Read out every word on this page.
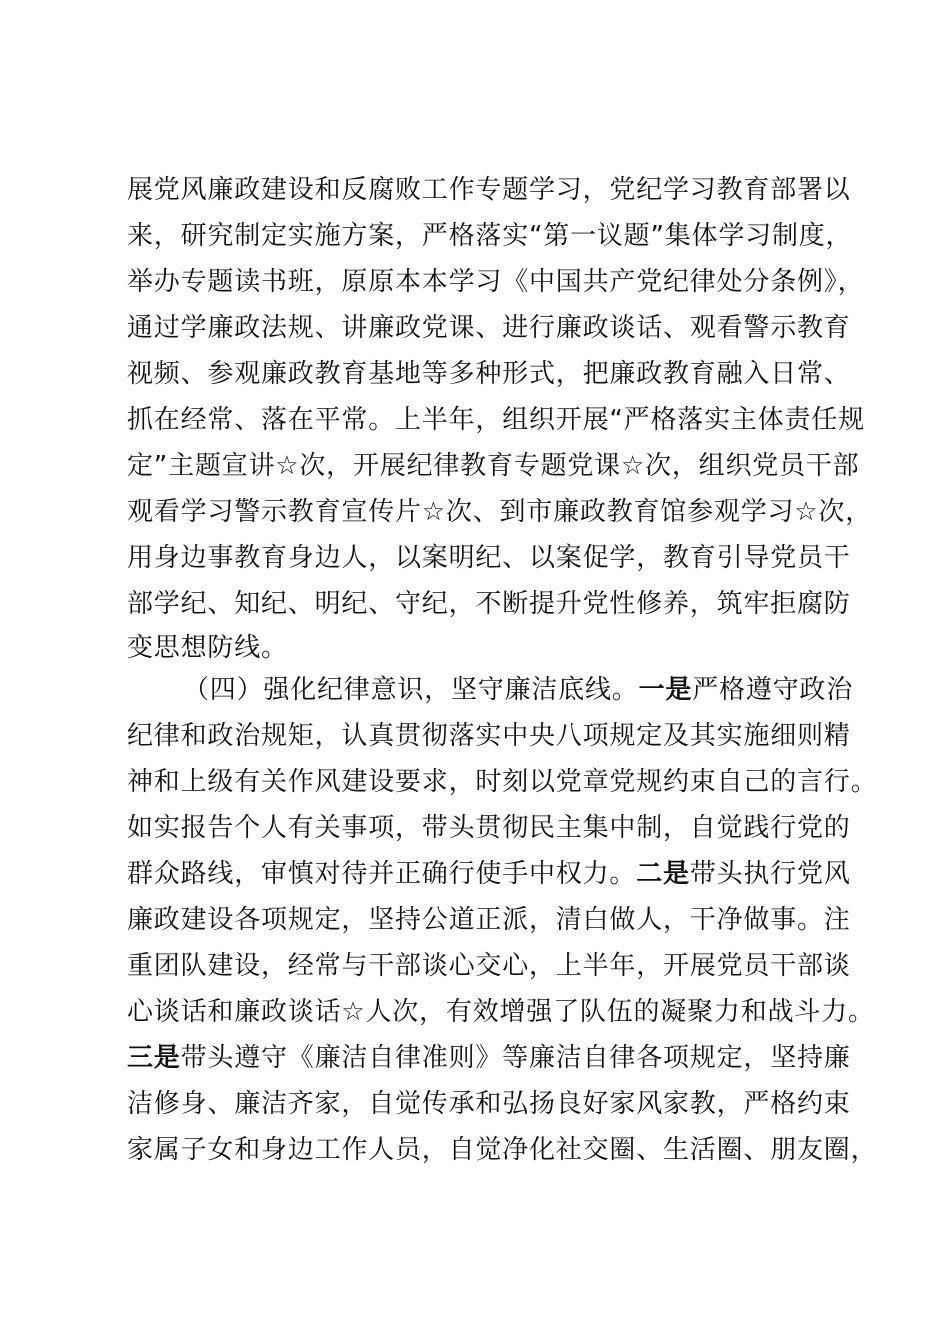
展党风廉政建设和反腐败工作专题学习，党纪学习教育部署以
来，研究制定实施方案，严格落实“第一议题”集体学习制度，
举办专题读书班，原原本本学习《中国共产党纪律处分条例》，
通过学廉政法规、讲廉政党课、进行廉政谈话、观看警示教育
视频、参观廉政教育基地等多种形式，把廉政教育融入日常、
抓在经常、落在平常。上半年，组织开展“严格落实主体责任规
定”主题宣讲☆次，开展纪律教育专题党课☆次，组织党员干部
观看学习警示教育宣传片☆次、到市廉政教育馆参观学习☆次，
用身边事教育身边人，以案明纪、以案促学，教育引导党员干
部学纪、知纪、明纪、守纪，不断提升党性修养，筑牢拒腐防
变思想防线。
（四）强化纪律意识，坚守廉洁底线。一是严格遵守政治
纪律和政治规矩，认真贯彻落实中央八项规定及其实施细则精
神和上级有关作风建设要求，时刻以党章党规约束自己的言行。
如实报告个人有关事项，带头贯彻民主集中制，自觉践行党的
群众路线，审慎对待并正确行使手中权力。二是带头执行党风
廉政建设各项规定，坚持公道正派，清白做人，干净做事。注
重团队建设，经常与干部谈心交心，上半年，开展党员干部谈
心谈话和廉政谈话☆人次，有效增强了队伍的凝聚力和战斗力。
三是带头遵守《廉洁自律准则》等廉洁自律各项规定，坚持廉
洁修身、廉洁齐家，自觉传承和弘扬良好家风家教，严格约束
家属子女和身边工作人员，自觉净化社交圈、生活圈、朋友圈，
